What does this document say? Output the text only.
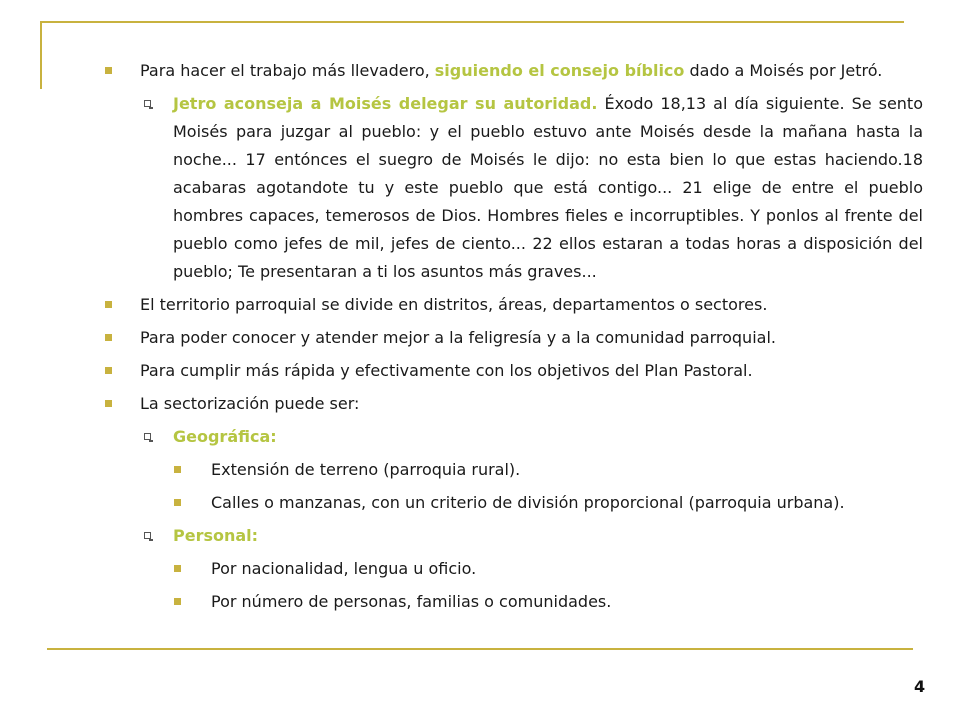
Para hacer el trabajo más llevadero, siguiendo el consejo bíblico dado a Moisés por Jetró.
Jetro aconseja a Moisés delegar su autoridad. Éxodo 18,13 al día siguiente. Se sento Moisés para juzgar al pueblo: y el pueblo estuvo ante Moisés desde la mañana hasta la noche... 17 entónces el suegro de Moisés le dijo: no esta bien lo que estas haciendo.18 acabaras agotandote tu y este pueblo que está contigo... 21 elige de entre el pueblo hombres capaces, temerosos de Dios. Hombres fieles e incorruptibles. Y ponlos al frente del pueblo como jefes de mil, jefes de ciento... 22 ellos estaran a todas horas a disposición del pueblo; Te presentaran a ti los asuntos más graves...
El territorio parroquial se divide en distritos, áreas, departamentos o sectores.
Para poder conocer y atender mejor a la feligresía y a la comunidad parroquial.
Para cumplir más rápida y efectivamente con los objetivos del Plan Pastoral.
La sectorización puede ser:
Geográfica:
Extensión de terreno (parroquia rural).
Calles o manzanas, con un criterio de división proporcional (parroquia urbana).
Personal:
Por nacionalidad, lengua u oficio.
Por número de personas, familias o comunidades.
4
